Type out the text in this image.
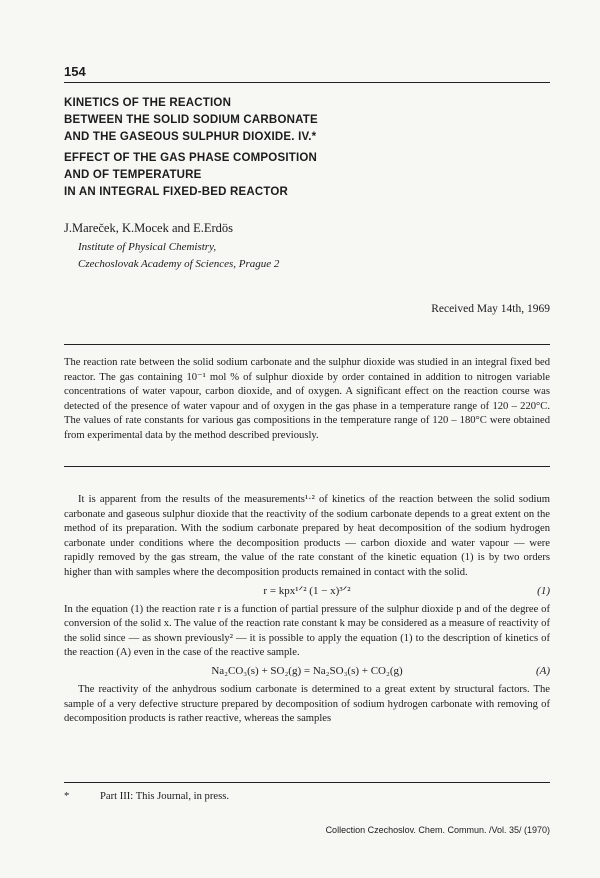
154
KINETICS OF THE REACTION
BETWEEN THE SOLID SODIUM CARBONATE
AND THE GASEOUS SULPHUR DIOXIDE. IV.*
EFFECT OF THE GAS PHASE COMPOSITION
AND OF TEMPERATURE
IN AN INTEGRAL FIXED-BED REACTOR
J.Mareček, K.Mocek and E.Erdös
Institute of Physical Chemistry,
Czechoslovak Academy of Sciences, Prague 2
Received May 14th, 1969
The reaction rate between the solid sodium carbonate and the sulphur dioxide was studied in an integral fixed bed reactor. The gas containing 10⁻¹ mol % of sulphur dioxide by order contained in addition to nitrogen variable concentrations of water vapour, carbon dioxide, and of oxygen. A significant effect on the reaction course was detected of the presence of water vapour and of oxygen in the gas phase in a temperature range of 120 – 220°C. The values of rate constants for various gas compositions in the temperature range of 120 – 180°C were obtained from experimental data by the method described previously.

It is apparent from the results of the measurements¹·² of kinetics of the reaction between the solid sodium carbonate and gaseous sulphur dioxide that the reactivity of the sodium carbonate depends to a great extent on the method of its preparation. With the sodium carbonate prepared by heat decomposition of the sodium hydrogen carbonate under conditions where the decomposition products — carbon dioxide and water vapour — were rapidly removed by the gas stream, the value of the rate constant of the kinetic equation (1) is by two orders higher than with samples where the decomposition products remained in contact with the solid.

r = kpx¹ᐟ² (1 − x)³ᐟ²	(1)

In the equation (1) the reaction rate r is a function of partial pressure of the sulphur dioxide p and of the degree of conversion of the solid x. The value of the reaction rate constant k may be considered as a measure of reactivity of the solid since — as shown previously² — it is possible to apply the equation (1) to the description of kinetics of the reaction (A) even in the case of the reactive sample.

Na₂CO₃(s) + SO₂(g) = Na₂SO₃(s) + CO₂(g)	(A)

The reactivity of the anhydrous sodium carbonate is determined to a great extent by structural factors. The sample of a very defective structure prepared by decomposition of sodium hydrogen carbonate with removing of decomposition products is rather reactive, whereas the samples

*	Part III: This Journal, in press.
Collection Czechoslov. Chem. Commun. /Vol. 35/ (1970)
